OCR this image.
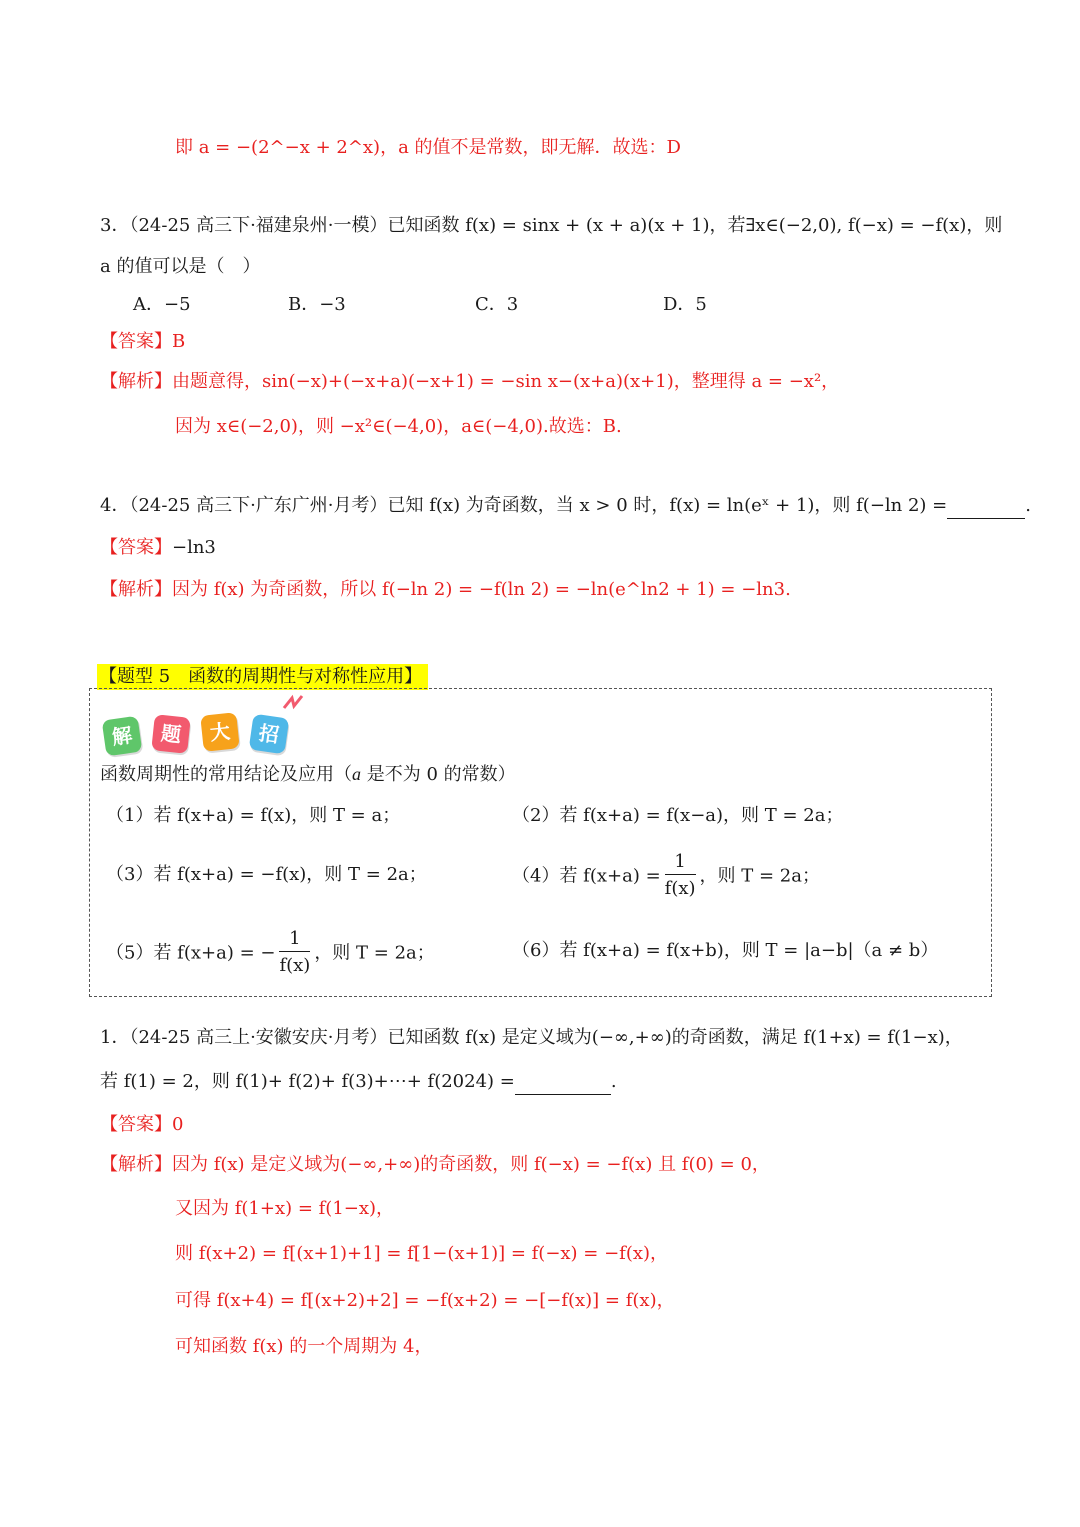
即 a = −(2^−x + 2^x)，a 的值不是常数，即无解．故选：D
3．（24-25 高三下·福建泉州·一模）已知函数 f(x) = sinx + (x + a)(x + 1)，若∃x∈(−2,0), f(−x) = −f(x)，则
a 的值可以是（　）
A．−5	B．−3	C．3	D．5
【答案】B
【解析】由题意得，sin(−x)+(−x+a)(−x+1) = −sin x−(x+a)(x+1)，整理得 a = −x²，
因为 x∈(−2,0)，则 −x²∈(−4,0)，a∈(−4,0).故选：B.
4．（24-25 高三下·广东广州·月考）已知 f(x) 为奇函数，当 x > 0 时，f(x) = ln(eˣ + 1)，则 f(−ln 2) =	.
【答案】−ln3
【解析】因为 f(x) 为奇函数，所以 f(−ln 2) = −f(ln 2) = −ln(e^ln2 + 1) = −ln3.
【题型 5　函数的周期性与对称性应用】
解	题	大	招
函数周期性的常用结论及应用（a 是不为 0 的常数）
（1）若 f(x+a) = f(x)，则 T = a；	（2）若 f(x+a) = f(x−a)，则 T = 2a；
（3）若 f(x+a) = −f(x)，则 T = 2a；	（4）若 $f(x+a) = \frac{1}{f(x)}$ ，则 T = 2a；
（5）若 f(x+a) = − $\frac{1}{f(x)}$ ，则 T = 2a；	（6）若 f(x+a) = f(x+b)，则 T = |a−b|（a ≠ b）
1．（24-25 高三上·安徽安庆·月考）已知函数 f(x) 是定义域为(−∞,+∞)的奇函数，满足 f(1+x) = f(1−x)，
若 f(1) = 2，则 f(1)+ f(2)+ f(3)+⋯+ f(2024) =	.
【答案】0
【解析】因为 f(x) 是定义域为(−∞,+∞)的奇函数，则 f(−x) = −f(x) 且 f(0) = 0，
又因为 f(1+x) = f(1−x)，
则 f(x+2) = f[(x+1)+1] = f[1−(x+1)] = f(−x) = −f(x)，
可得 f(x+4) = f[(x+2)+2] = −f(x+2) = −[−f(x)] = f(x)，
可知函数 f(x) 的一个周期为 4，
